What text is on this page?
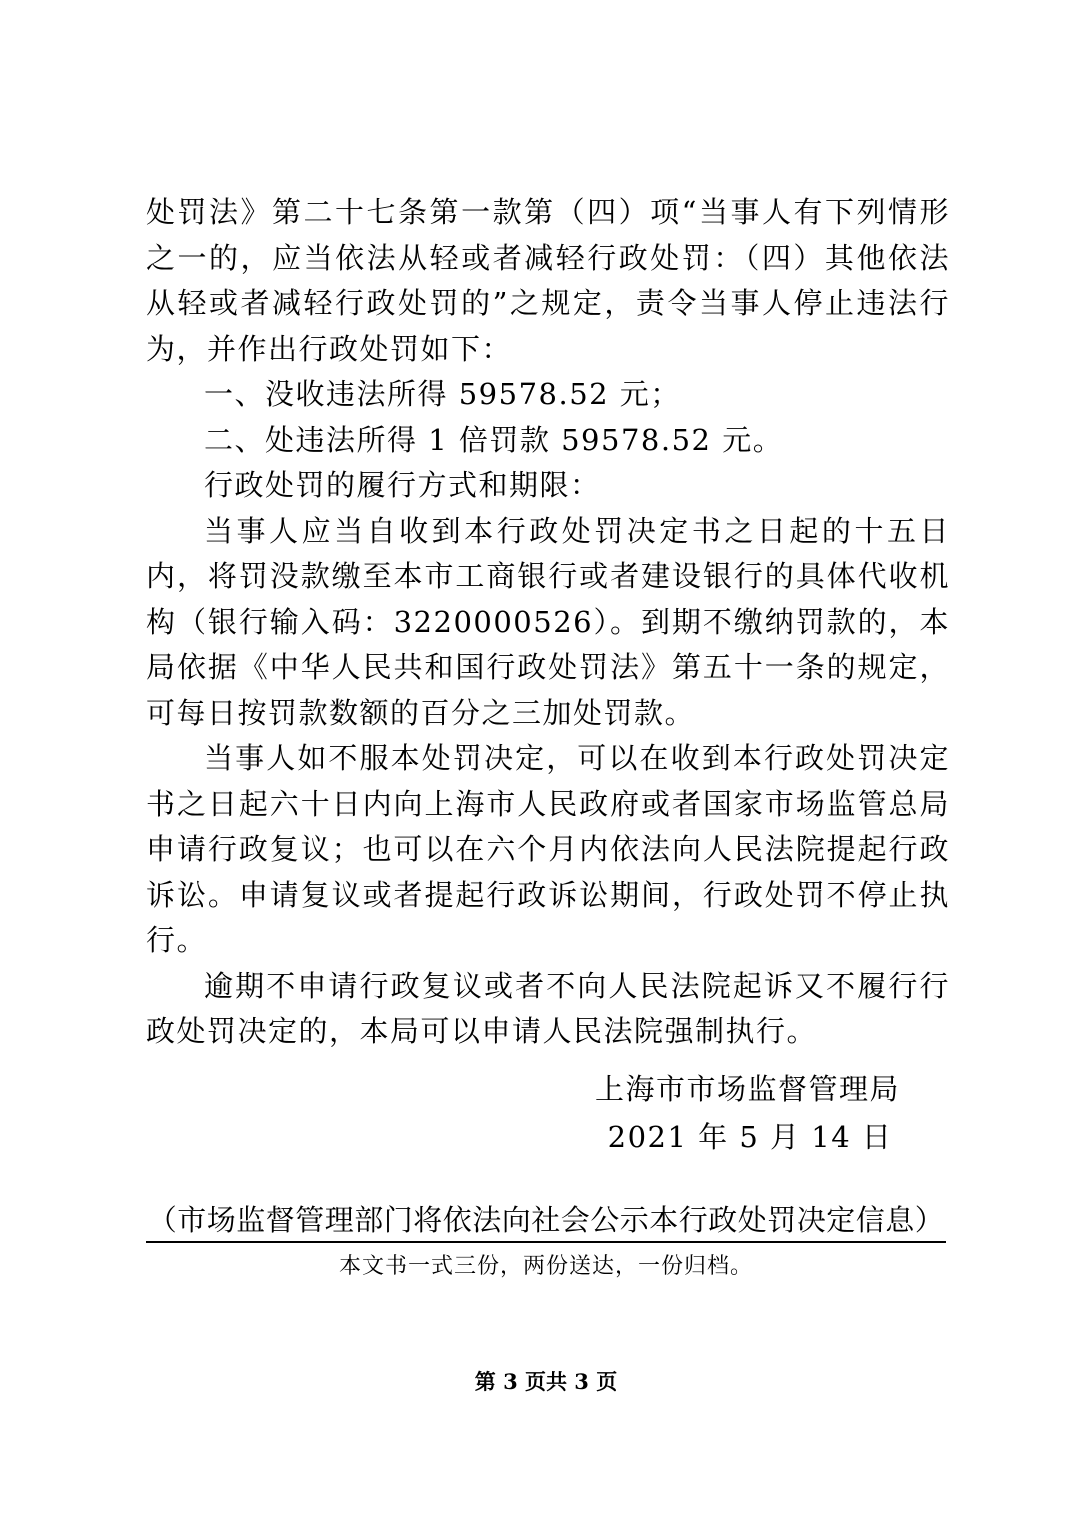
处罚法》第二十七条第一款第（四）项“当事人有下列情形之一的，应当依法从轻或者减轻行政处罚：（四）其他依法从轻或者减轻行政处罚的”之规定，责令当事人停止违法行为，并作出行政处罚如下：

一、没收违法所得 59578.52 元；

二、处违法所得 1 倍罚款 59578.52 元。

行政处罚的履行方式和期限：

当事人应当自收到本行政处罚决定书之日起的十五日内，将罚没款缴至本市工商银行或者建设银行的具体代收机构（银行输入码：3220000526）。到期不缴纳罚款的，本局依据《中华人民共和国行政处罚法》第五十一条的规定，可每日按罚款数额的百分之三加处罚款。

当事人如不服本处罚决定，可以在收到本行政处罚决定书之日起六十日内向上海市人民政府或者国家市场监管总局申请行政复议；也可以在六个月内依法向人民法院提起行政诉讼。申请复议或者提起行政诉讼期间，行政处罚不停止执行。

逾期不申请行政复议或者不向人民法院起诉又不履行行政处罚决定的，本局可以申请人民法院强制执行。

上海市市场监督管理局
2021 年 5 月 14 日
（市场监督管理部门将依法向社会公示本行政处罚决定信息）
本文书一式三份，两份送达，一份归档。
第 3 页共 3 页
